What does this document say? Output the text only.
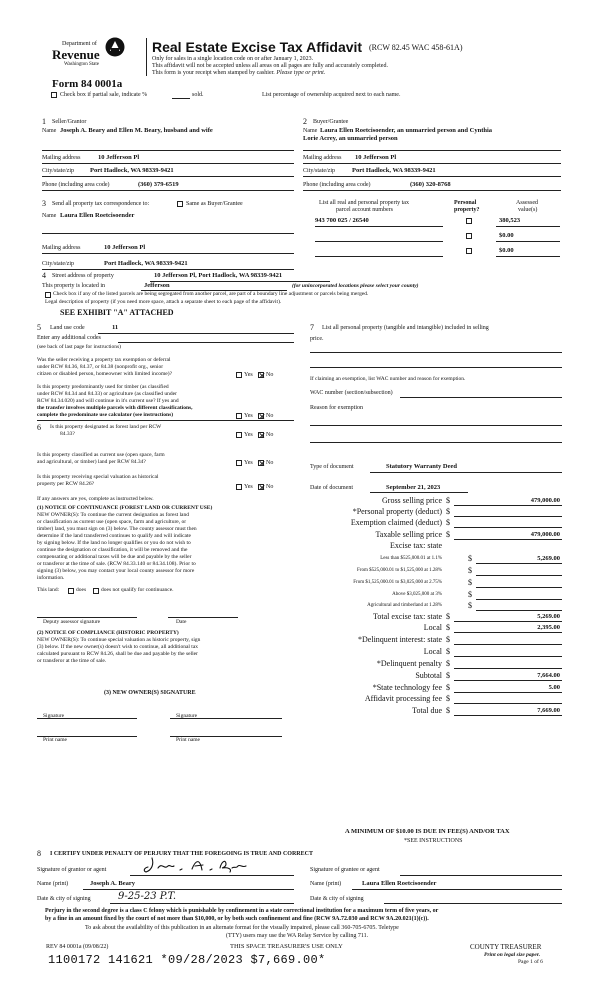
Department of
Revenue
Washington State
Real Estate Excise Tax Affidavit (RCW 82.45 WAC 458-61A)
Only for sales in a single location code on or after January 1, 2023.
This affidavit will not be accepted unless all areas on all pages are fully and accurately completed.
This form is your receipt when stamped by cashier. Please type or print.
Form 84 0001a
Check box if partial sale, indicate %	sold.	List percentage of ownership acquired next to each name.
1 Seller/Grantor
Name Joseph A. Beary and Ellen M. Beary, husband and wife
Mailing address	10 Jefferson Pl
City/state/zip Port Hadlock, WA 98339-9421
Phone (including area code)	(360) 379-6519
2 Buyer/Grantee
Name Laura Ellen Roetcisoender, an unmarried person and Cynthia
Lorie Acrey, an unmarried person
Mailing address 10 Jefferson Pl
City/state/zip	Port Hadlock, WA 98339-9421
Phone (including area code)	(360) 320-8768
3 Send all property tax correspondence to:	Same as Buyer/Grantee
Name Laura Ellen Roetcisoender
Mailing address	10 Jefferson Pl
City/state/zip	Port Hadlock, WA 98339-9421
List all real and personal property tax
parcel account numbers
Personal
property?
Assessed
value(s)
943 700 025 / 26540	380,523
$0.00
$0.00
4 Street address of property	10 Jefferson Pl, Port Hadlock, WA 98339-9421
This property is located in	Jefferson	(for unincorporated locations please select your county)
Check box if any of the listed parcels are being segregated from another parcel, are part of a boundary line adjustment or parcels being merged.
Legal description of property (if you need more space, attach a separate sheet to each page of the affidavit).
SEE EXHIBIT "A" ATTACHED
5 Land use code	11
Enter any additional codes
(see back of last page for instructions)
Was the seller receiving a property tax exemption or deferral
under RCW 84.36, 84.37, or 84.38 (nonprofit org., senior
citizen or disabled person, homeowner with limited income)?	Yes No
Is this property predominantly used for timber (as classified
under RCW 84.34 and 84.33) or agriculture (as classified under
RCW 84.34.020) and will continue in it's current use? If yes and
the transfer involves multiple parcels with different classifications,
complete the predominate use calculator (see instructions)	Yes No
6 Is this property designated as forest land per RCW
84.33?	Yes No
Is this property classified as current use (open space, farm
and agricultural, or timber) land per RCW 84.34?	Yes No
Is this property receiving special valuation as historical
property per RCW 84.26?	Yes No
If any answers are yes, complete as instructed below.
(1) NOTICE OF CONTINUANCE (FOREST LAND OR CURRENT USE)
NEW OWNER(S): To continue the current designation as forest land
or classification as current use (open space, farm and agriculture, or
timber) land, you must sign on (3) below. The county assessor must then
determine if the land transferred continues to qualify and will indicate
by signing below. If the land no longer qualifies or you do not wish to
continue the designation or classification, it will be removed and the
compensating or additional taxes will be due and payable by the seller
or transferor at the time of sale. (RCW 84.33.140 or 84.34.108). Prior to
signing (3) below, you may contact your local county assessor for more
information.
This land:	does	does not qualify for continuance.
Deputy assessor signature	Date
(2) NOTICE OF COMPLIANCE (HISTORIC PROPERTY)
NEW OWNER(S): To continue special valuation as historic property, sign
(3) below. If the new owner(s) doesn't wish to continue, all additional tax
calculated pursuant to RCW 84.26, shall be due and payable by the seller
or transferor at the time of sale.
(3) NEW OWNER(S) SIGNATURE
Signature	Signature
Print name	Print name
7 List all personal property (tangible and intangible) included in selling
price.
If claiming an exemption, list WAC number and reason for exemption.
WAC number (section/subsection)
Reason for exemption
Type of document	Statutory Warranty Deed
Date of document	September 21, 2023
Gross selling price $	479,000.00
*Personal property (deduct) $
Exemption claimed (deduct) $
Taxable selling price $	479,000.00
Excise tax: state
Less than $525,000.01 at 1.1%	$	5,269.00
From $525,000.01 to $1,525,000 at 1.28%	$
From $1,525,000.01 to $3,025,000 at 2.75%	$
Above $3,025,000 at 3%	$
Agricultural and timberland at 1.28%	$
Total excise tax: state $	5,269.00
Local $	2,395.00
*Delinquent interest: state $
Local $
*Delinquent penalty $
Subtotal $	7,664.00
*State technology fee $	5.00
Affidavit processing fee $
Total due $	7,669.00
A MINIMUM OF $10.00 IS DUE IN FEE(S) AND/OR TAX
*SEE INSTRUCTIONS
8 I CERTIFY UNDER PENALTY OF PERJURY THAT THE FOREGOING IS TRUE AND CORRECT
Signature of grantor or agent	Signature of grantee or agent
Name (print)	Joseph A. Beary	Name (print)	Laura Ellen Roetcisoender
Date & city of signing	9-25-23 P.T.	Date & city of signing
Perjury in the second degree is a class C felony which is punishable by confinement in a state correctional institution for a maximum term of five years, or
by a fine in an amount fixed by the court of not more than $10,000, or by both such confinement and fine (RCW 9A.72.030 and RCW 9A.20.021(1)(c)).
To ask about the availability of this publication in an alternate format for the visually impaired, please call 360-705-6705. Teletype
(TTY) users may use the WA Relay Service by calling 711.
REV 84 0001a (09/08/22)	THIS SPACE TREASURER'S USE ONLY	COUNTY TREASURER
Print on legal size paper.
Page 1 of 6
1100172 141621 *09/28/2023 $7,669.00*
